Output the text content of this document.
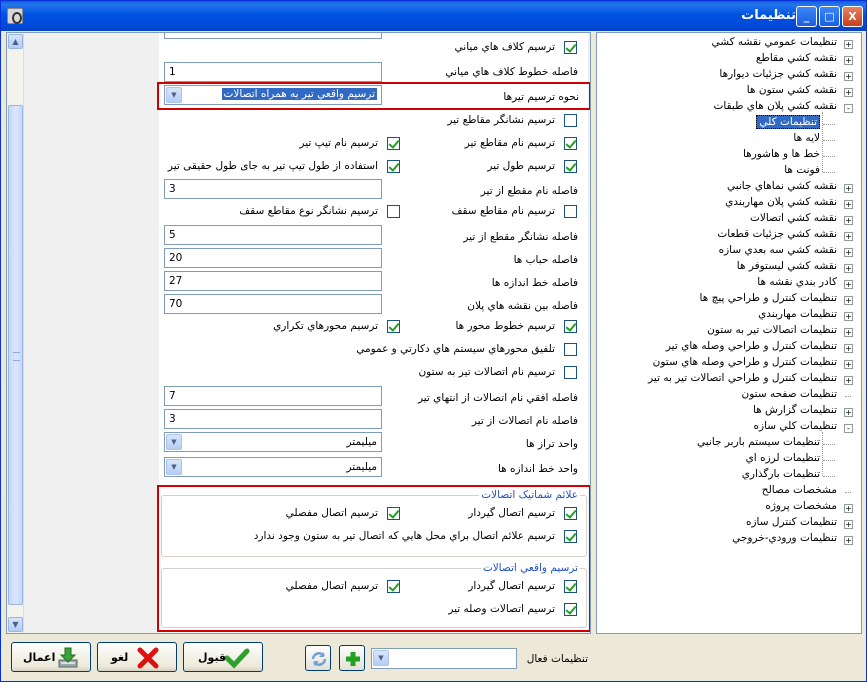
تنظيمات _	□	X
▲
▼
ترسيم کلاف هاي مياني
فاصله خطوط کلاف هاي مياني
1
نحوه ترسيم تيرها
▼	ترسيم واقعي تير به همراه اتصالات
ترسيم نشانگر مقاطع تير
ترسيم نام مقاطع تير
ترسيم نام تيپ تير
ترسيم طول تير
استفاده از طول تيپ تير به جای طول حقيقی تير
فاصله نام مقطع از تير
3
ترسيم نام مقاطع سقف
ترسيم نشانگر نوع مقاطع سقف
فاصله نشانگر مقطع از تير
5
فاصله حباب ها
20
فاصله خط اندازه ها
27
فاصله بين نقشه هاي پلان
70
ترسيم خطوط محور ها
ترسيم محورهاي تکراري
تلفيق محورهاي سيستم هاي دکارتي و عمومي
ترسيم نام اتصالات تير به ستون
فاصله افقي نام اتصالات از انتهاي تير
7
فاصله نام اتصالات از تير
3
واحد تراز ها
▼	ميليمتر
واحد خط اندازه ها
▼	ميليمتر
علائم شماتيک اتصالات
ترسيم اتصال گيردار
ترسيم اتصال مفصلي
ترسيم علائم اتصال براي محل هايي که اتصال تير به ستون وجود ندارد
ترسيم واقعي اتصالات
ترسيم اتصال گيردار
ترسيم اتصال مفصلي
ترسيم اتصالات وصله تير
تنظيمات عمومي نقشه کشي +
نقشه کشي مقاطع +
نقشه کشي جزئيات ديوارها +
نقشه کشي ستون ها +
نقشه کشي پلان هاي طبقات	-
تنظيمات کلي
لايه ها
خط ها و هاشورها
فونت ها
نقشه کشي نماهاي جانبي +
نقشه کشي پلان مهاربندي +
نقشه کشي اتصالات +
نقشه کشي جزئيات قطعات +
نقشه کشي سه بعدي سازه +
نقشه کشي ليستوفر ها +
کادر بندي نقشه ها +
تنظيمات کنترل و طراحي پيچ ها +
تنظيمات مهاربندي +
تنظيمات اتصالات تير به ستون +
تنظيمات کنترل و طراحي وصله هاي تير +
تنظيمات کنترل و طراحي وصله هاي ستون +
تنظيمات کنترل و طراحي اتصالات تير به تير +
تنظيمات صفحه ستون
تنظيمات گزارش ها +
تنظيمات کلي سازه	-
تنظيمات سيستم باربر جانبي
تنظيمات لرزه اي
تنظيمات بارگذاري
مشخصات مصالح
مشخصات پروژه +
تنظيمات کنترل سازه +
تنظيمات ورودي-خروجي +
اعمال	لغو	قبول	▼	تنظيمات فعال
